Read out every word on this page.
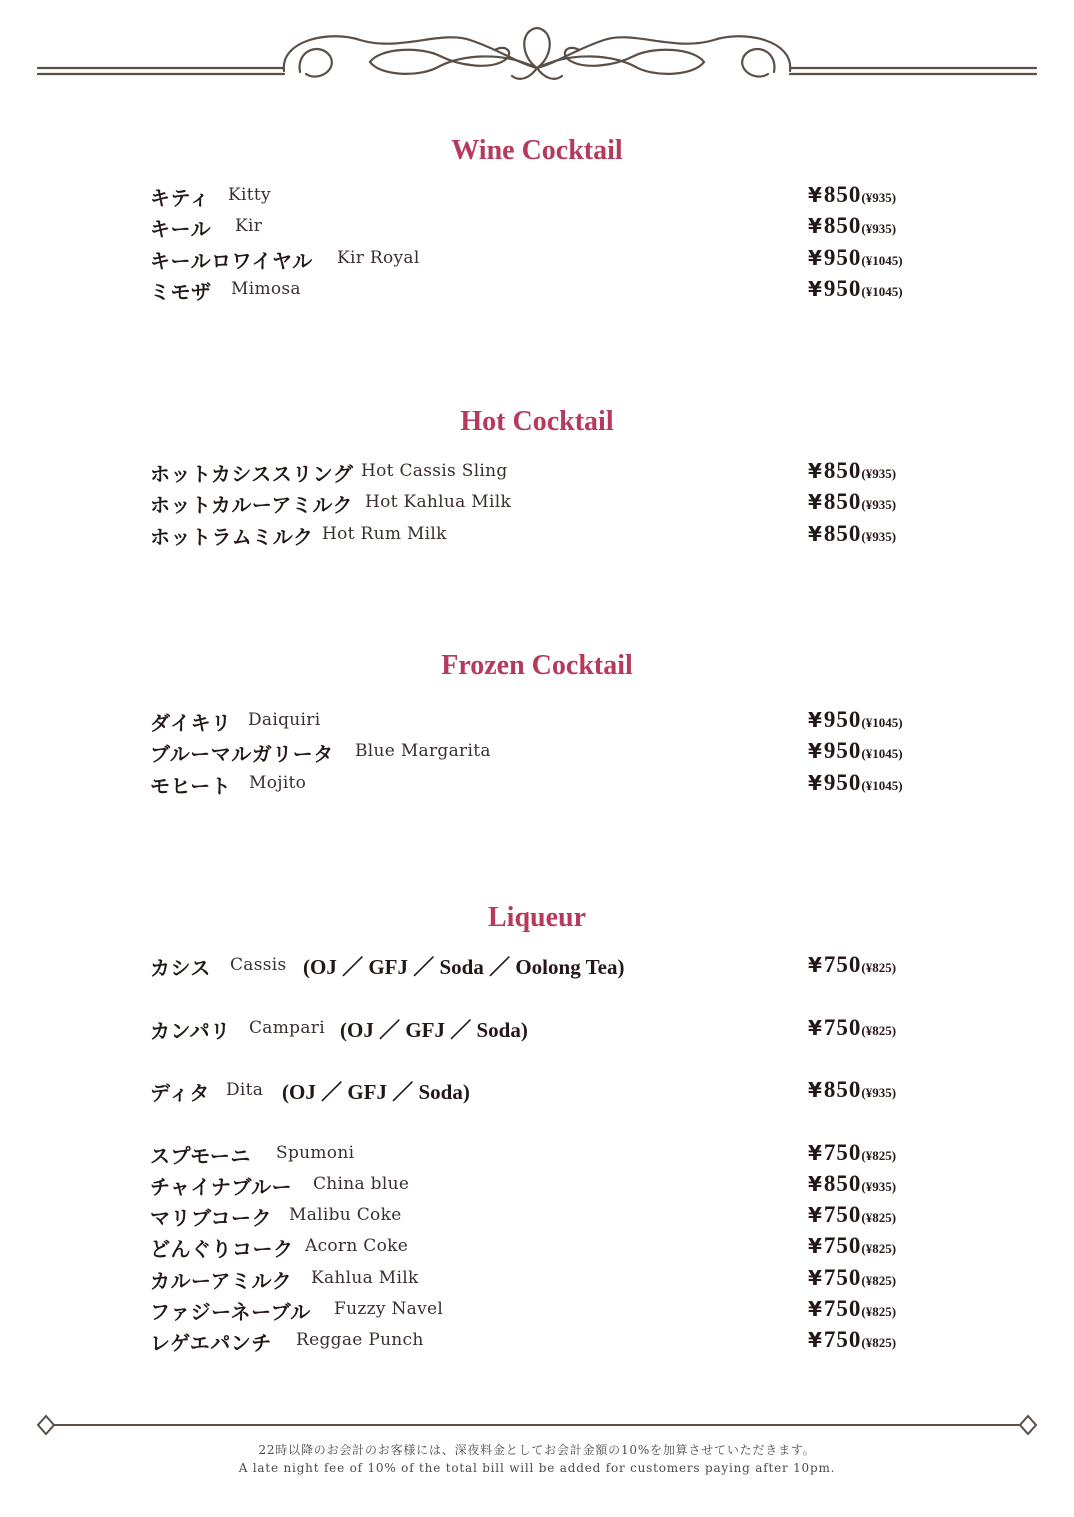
Wine Cocktail
キティ Kitty	¥850(¥935)
キール Kir	¥850(¥935)
キールロワイヤル Kir Royal	¥950(¥1045)
ミモザ Mimosa	¥950(¥1045)
Hot Cocktail
ホットカシススリング Hot Cassis Sling	¥850(¥935)
ホットカルーアミルク Hot Kahlua Milk	¥850(¥935)
ホットラムミルク Hot Rum Milk	¥850(¥935)
Frozen Cocktail
ダイキリ Daiquiri	¥950(¥1045)
ブルーマルガリータ Blue Margarita	¥950(¥1045)
モヒート Mojito	¥950(¥1045)
Liqueur
カシス Cassis (OJ ／ GFJ ／ Soda ／ Oolong Tea)	¥750(¥825)
カンパリ Campari (OJ ／ GFJ ／ Soda)	¥750(¥825)
ディタ Dita (OJ ／ GFJ ／ Soda)	¥850(¥935)
スプモーニ Spumoni	¥750(¥825)
チャイナブルー China blue	¥850(¥935)
マリブコーク Malibu Coke	¥750(¥825)
どんぐりコーク Acorn Coke	¥750(¥825)
カルーアミルク Kahlua Milk	¥750(¥825)
ファジーネーブル Fuzzy Navel	¥750(¥825)
レゲエパンチ Reggae Punch	¥750(¥825)
22時以降のお会計のお客様には、深夜料金としてお会計金額の10%を加算させていただきます。
A late night fee of 10% of the total bill will be added for customers paying after 10pm.
